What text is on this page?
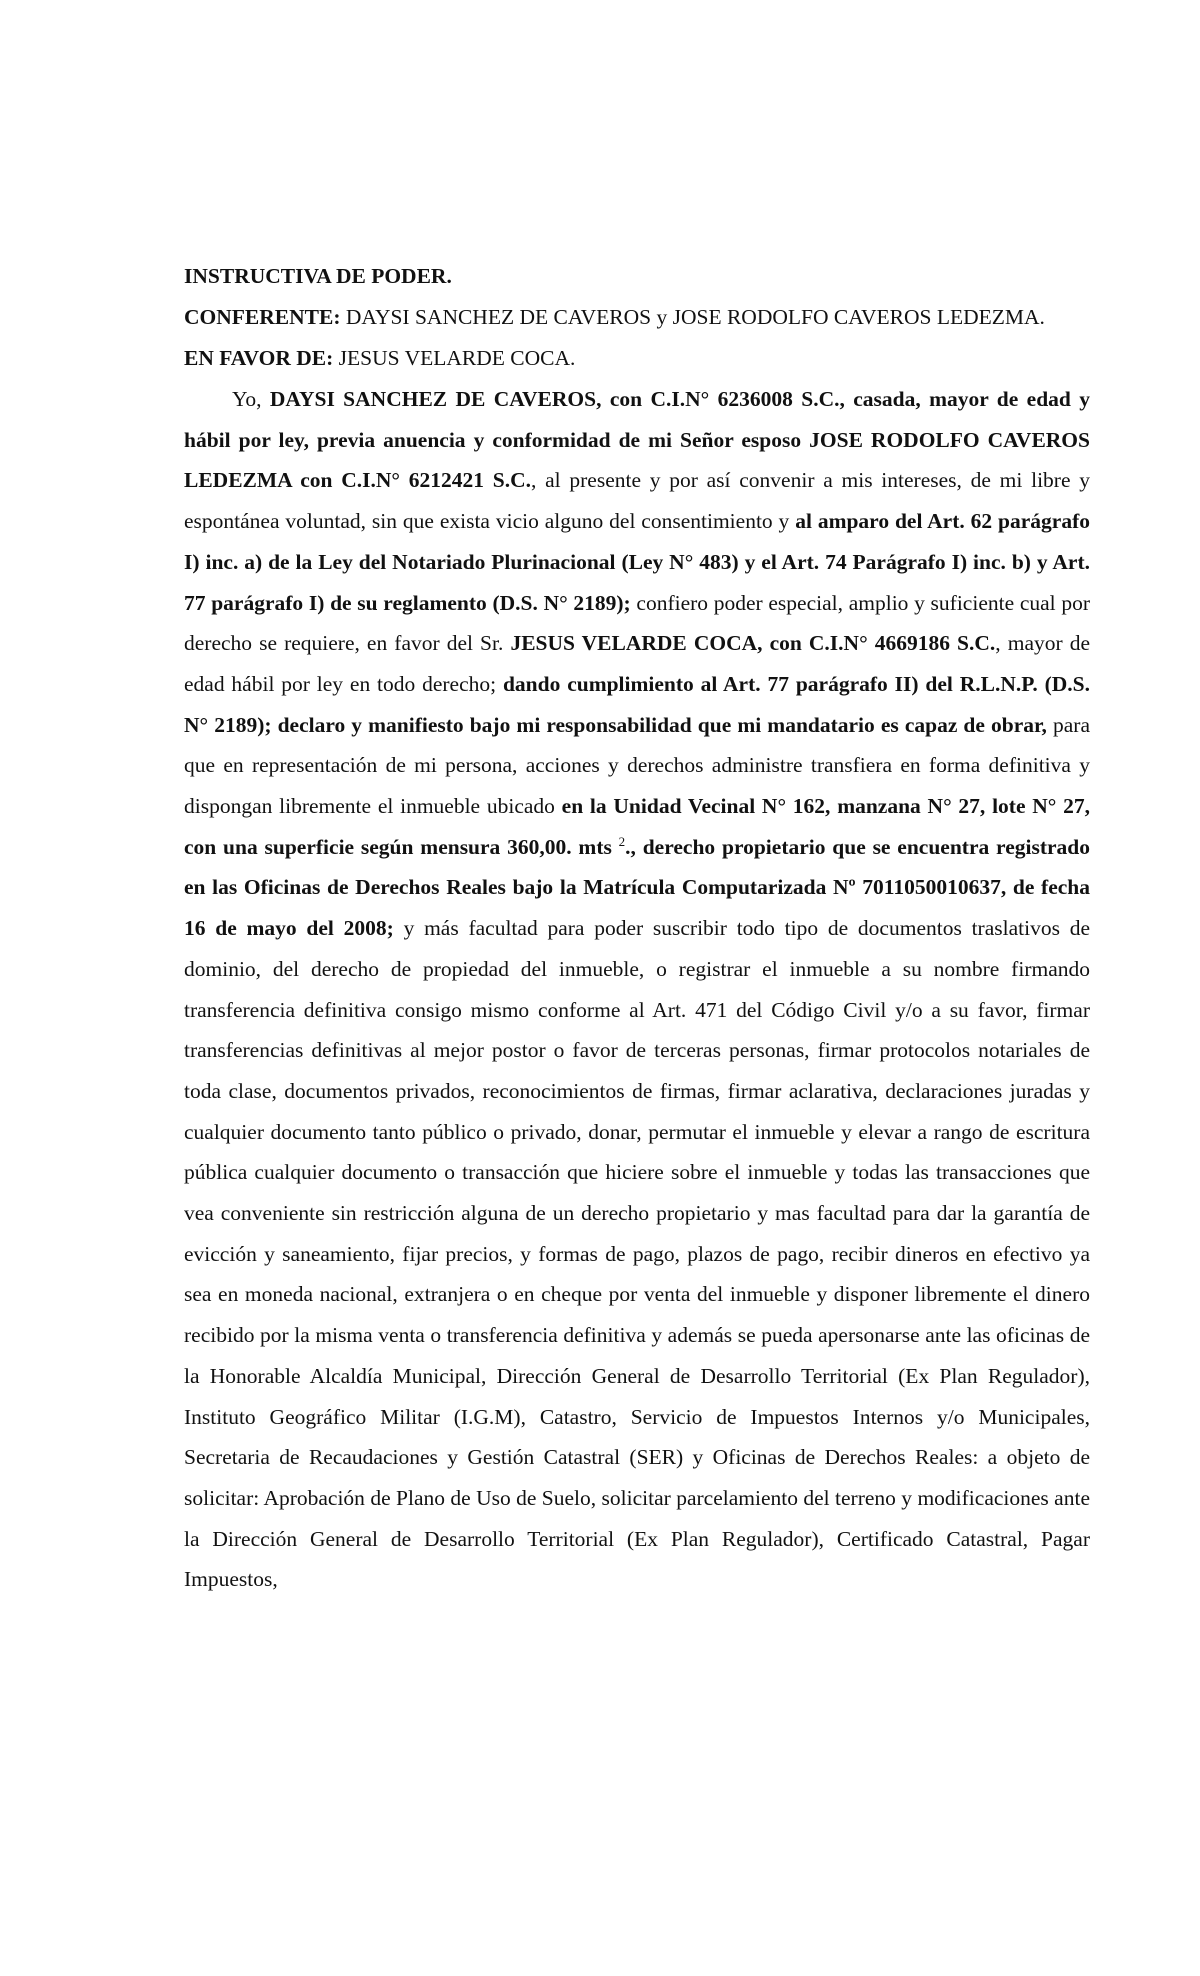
INSTRUCTIVA DE PODER.

CONFERENTE: DAYSI SANCHEZ DE CAVEROS y JOSE RODOLFO CAVEROS LEDEZMA.

EN FAVOR DE: JESUS VELARDE COCA.

Yo, DAYSI SANCHEZ DE CAVEROS, con C.I.N° 6236008 S.C., casada, mayor de edad y hábil por ley, previa anuencia y conformidad de mi Señor esposo JOSE RODOLFO CAVEROS LEDEZMA con C.I.N° 6212421 S.C., al presente y por así convenir a mis intereses, de mi libre y espontánea voluntad, sin que exista vicio alguno del consentimiento y al amparo del Art. 62 parágrafo I) inc. a) de la Ley del Notariado Plurinacional (Ley N° 483) y el Art. 74 Parágrafo I) inc. b) y Art. 77 parágrafo I) de su reglamento (D.S. N° 2189); confiero poder especial, amplio y suficiente cual por derecho se requiere, en favor del Sr. JESUS VELARDE COCA, con C.I.N° 4669186 S.C., mayor de edad hábil por ley en todo derecho; dando cumplimiento al Art. 77 parágrafo II) del R.L.N.P. (D.S. N° 2189); declaro y manifiesto bajo mi responsabilidad que mi mandatario es capaz de obrar, para que en representación de mi persona, acciones y derechos administre transfiera en forma definitiva y dispongan libremente el inmueble ubicado en la Unidad Vecinal N° 162, manzana N° 27, lote N° 27, con una superficie según mensura 360,00. mts $^2$., derecho propietario que se encuentra registrado en las Oficinas de Derechos Reales bajo la Matrícula Computarizada Nº 7011050010637, de fecha 16 de mayo del 2008; y más facultad para poder suscribir todo tipo de documentos traslativos de dominio, del derecho de propiedad del inmueble, o registrar el inmueble a su nombre firmando transferencia definitiva consigo mismo conforme al Art. 471 del Código Civil y/o a su favor, firmar transferencias definitivas al mejor postor o favor de terceras personas, firmar protocolos notariales de toda clase, documentos privados, reconocimientos de firmas, firmar aclarativa, declaraciones juradas y cualquier documento tanto público o privado, donar, permutar el inmueble y elevar a rango de escritura pública cualquier documento o transacción que hiciere sobre el inmueble y todas las transacciones que vea conveniente sin restricción alguna de un derecho propietario y mas facultad para dar la garantía de evicción y saneamiento, fijar precios, y formas de pago, plazos de pago, recibir dineros en efectivo ya sea en moneda nacional, extranjera o en cheque por venta del inmueble y disponer libremente el dinero recibido por la misma venta o transferencia definitiva y además se pueda apersonarse ante las oficinas de la Honorable Alcaldía Municipal, Dirección General de Desarrollo Territorial (Ex Plan Regulador), Instituto Geográfico Militar (I.G.M), Catastro, Servicio de Impuestos Internos y/o Municipales, Secretaria de Recaudaciones y Gestión Catastral (SER) y Oficinas de Derechos Reales: a objeto de solicitar: Aprobación de Plano de Uso de Suelo, solicitar parcelamiento del terreno y modificaciones ante la Dirección General de Desarrollo Territorial (Ex Plan Regulador), Certificado Catastral, Pagar Impuestos,
